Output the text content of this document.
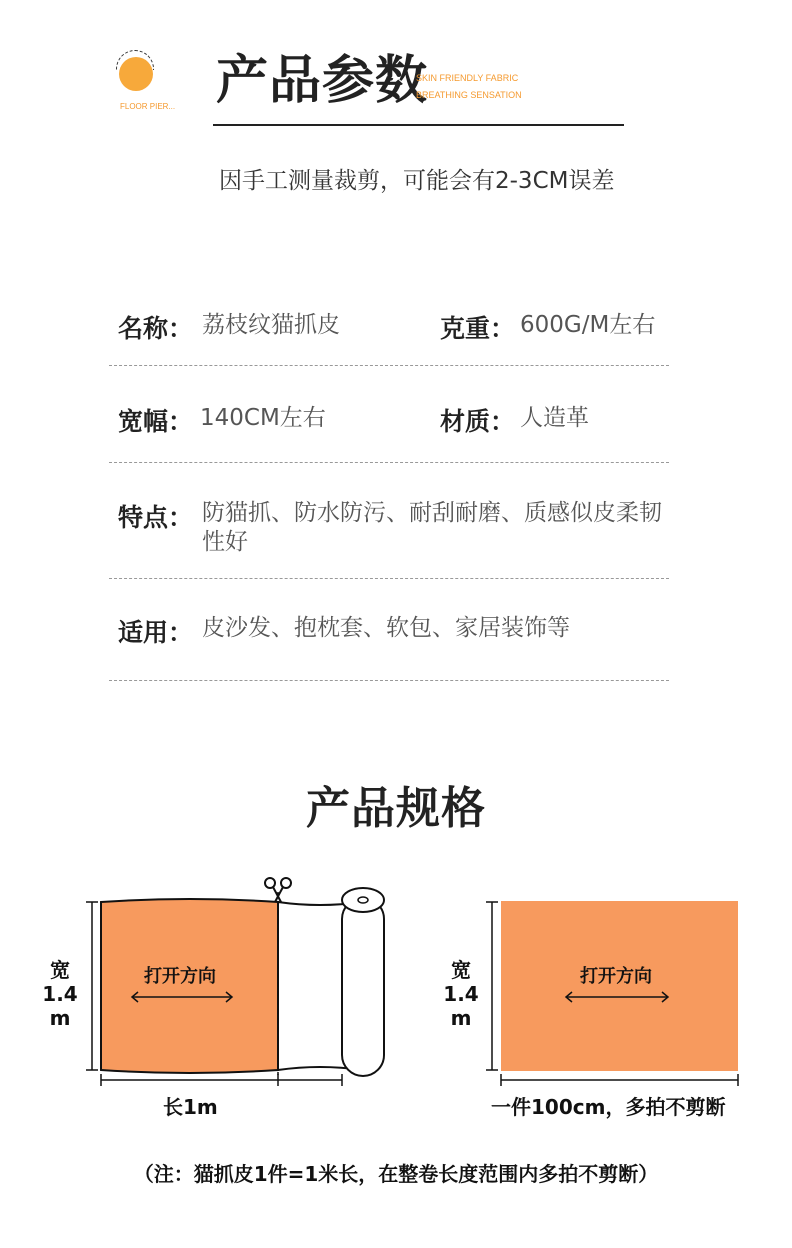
FLOOR PIER... 产品参数
SKIN FRIENDLY FABRIC
BREATHING SENSATION
因手工测量裁剪，可能会有2-3CM误差
名称： 荔枝纹猫抓皮	克重： 600G/M左右
宽幅： 140CM左右	材质： 人造革
特点： 防猫抓、防水防污、耐刮耐磨、质感似皮柔韧性好
适用： 皮沙发、抱枕套、软包、家居装饰等
产品规格
宽
1.4
m
打开方向
长1m
宽
1.4
m
打开方向
一件100cm，多拍不剪断
（注：猫抓皮1件=1米长，在整卷长度范围内多拍不剪断）
